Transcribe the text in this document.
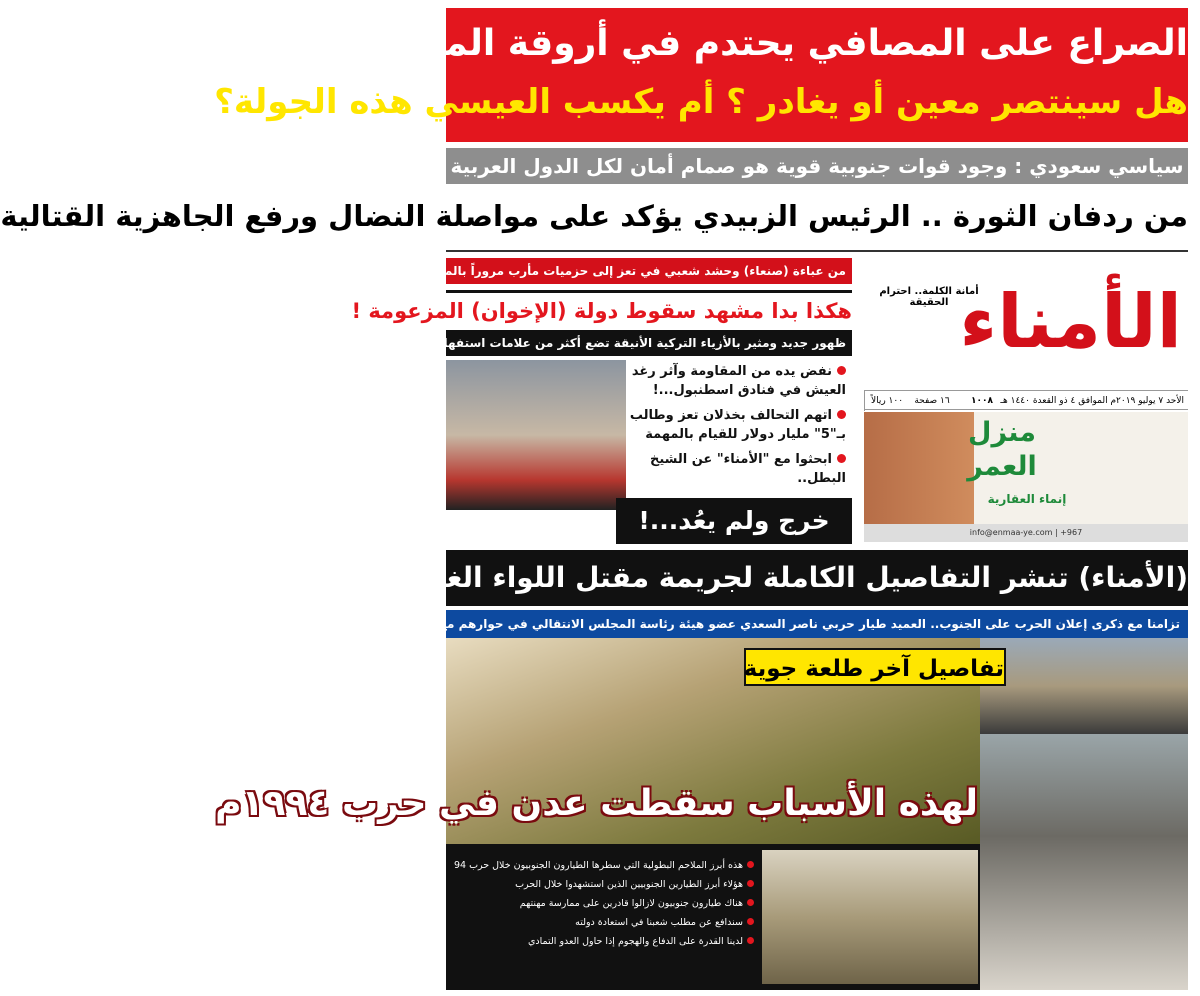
الصراع على المصافي يحتدم في أروقة المعاشيق
هل سينتصر معين أو يغادر ؟ أم يكسب العيسي هذه الجولة؟
سياسي سعودي : وجود قوات جنوبية قوية هو صمام أمان لكل الدول العربية
من ردفان الثورة .. الرئيس الزبيدي يؤكد على مواصلة النضال ورفع الجاهزية القتالية
من عباءة (صنعاء) وحشد شعبي في تعز إلى حزميات مأرب مروراً بالمنبر وقطمة السكر..
هكذا بدا مشهد سقوط دولة (الإخوان) المزعومة !
ظهور جديد ومثير بالأزياء التركية الأنيقة تضع أكثر من علامات استفهام!
نفض يده من المقاومة وآثر رغد العيش في فنادق اسطنبول...!
اتهم التحالف بخذلان تعز وطالب بـ"5" مليار دولار للقيام بالمهمة
ابحثوا مع "الأمناء" عن الشيخ البطل..
خرج ولم يعُد...!
الأمناء
أمانة الكلمة.. احترام الحقيقة
الأحد ٧ يوليو ٢٠١٩م الموافق ٤ ذو القعدة ١٤٤٠ هـ
١٠٠٨
١٦ صفحة
١٠٠ ريالاً
منزل العمر
إنماء العقارية
info@enmaa-ye.com | +967
(الأمناء) تنشر التفاصيل الكاملة لجريمة مقتل اللواء الغزالي واثنين من أولاده في عدن
تزامنا مع ذكرى إعلان الحرب على الجنوب.. العميد طيار حربي ناصر السعدي عضو هيئة رئاسة المجلس الانتقالي في حوارهم مع (الأمناء)..
تفاصيل آخر طلعة جوية
لهذه الأسباب سقطت عدن في حرب ١٩٩٤م
هذه أبرز الملاحم البطولية التي سطرها الطيارون الجنوبيون خلال حرب 94
هؤلاء أبرز الطيارين الجنوبيين الذين استشهدوا خلال الحرب
هناك طيارون جنوبيون لازالوا قادرين على ممارسة مهنتهم
سندافع عن مطلب شعبنا في استعادة دولته
لدينا القدرة على الدفاع والهجوم إذا حاول العدو التمادي
